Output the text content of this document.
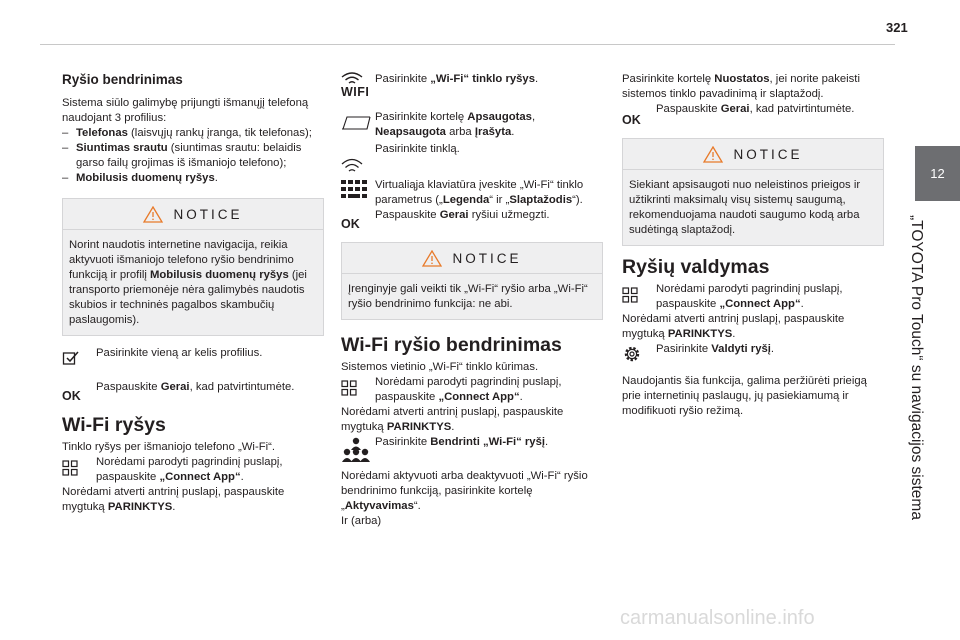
321
12
„TOYOTA Pro Touch“ su navigacijos sistema
Ryšio bendrinimas

Sistema siūlo galimybę prijungti išmanųjį telefoną naudojant 3 profilius:

– Telefonas (laisvųjų rankų įranga, tik telefonas);
– Siuntimas srautu (siuntimas srautu: belaidis garso failų grojimas iš išmaniojo telefono);
– Mobilusis duomenų ryšys.
NOTICE
Norint naudotis internetine navigacija, reikia aktyvuoti išmaniojo telefono ryšio bendrinimo funkciją ir profilį Mobilusis duomenų ryšys (jei transporto priemonėje nėra galimybės naudotis skubios ir techninės pagalbos skambučių paslaugomis).

Pasirinkite vieną ar kelis profilius.

OK

Paspauskite Gerai, kad patvirtintumėte.

Wi-Fi ryšys

Tinklo ryšys per išmaniojo telefono „Wi-Fi“.

Norėdami parodyti pagrindinį puslapį, paspauskite „Connect App“.

Norėdami atverti antrinį puslapį, paspauskite mygtuką PARINKTYS.

WIFI

Pasirinkite „Wi-Fi“ tinklo ryšys.

Pasirinkite kortelę Apsaugotas, Neapsaugota arba Įrašyta.

Pasirinkite tinklą.

Virtualiąja klaviatūra įveskite „Wi-Fi“ tinklo parametrus („Legenda“ ir „Slaptažodis“).

OK

Paspauskite Gerai ryšiui užmegzti.

NOTICE
Įrenginyje gali veikti tik „Wi-Fi“ ryšio arba „Wi-Fi“ ryšio bendrinimo funkcija: ne abi.
Wi-Fi ryšio bendrinimas

Sistemos vietinio „Wi-Fi“ tinklo kūrimas.

Norėdami parodyti pagrindinį puslapį, paspauskite „Connect App“.

Norėdami atverti antrinį puslapį, paspauskite mygtuką PARINKTYS.

Pasirinkite Bendrinti „Wi-Fi“ ryšį.

Norėdami aktyvuoti arba deaktyvuoti „Wi-Fi“ ryšio bendrinimo funkciją, pasirinkite kortelę „Aktyvavimas“.

Ir (arba)

Pasirinkite kortelę Nuostatos, jei norite pakeisti sistemos tinklo pavadinimą ir slaptažodį.

OK

Paspauskite Gerai, kad patvirtintumėte.

NOTICE
Siekiant apsisaugoti nuo neleistinos prieigos ir užtikrinti maksimalų visų sistemų saugumą, rekomenduojama naudoti saugumo kodą arba sudėtingą slaptažodį.
Ryšių valdymas

Norėdami parodyti pagrindinį puslapį, paspauskite „Connect App“.

Norėdami atverti antrinį puslapį, paspauskite mygtuką PARINKTYS.

Pasirinkite Valdyti ryšį.

Naudojantis šia funkcija, galima peržiūrėti prieigą prie internetinių paslaugų, jų pasiekiamumą ir modifikuoti ryšio režimą.

carmanualsonline.info
